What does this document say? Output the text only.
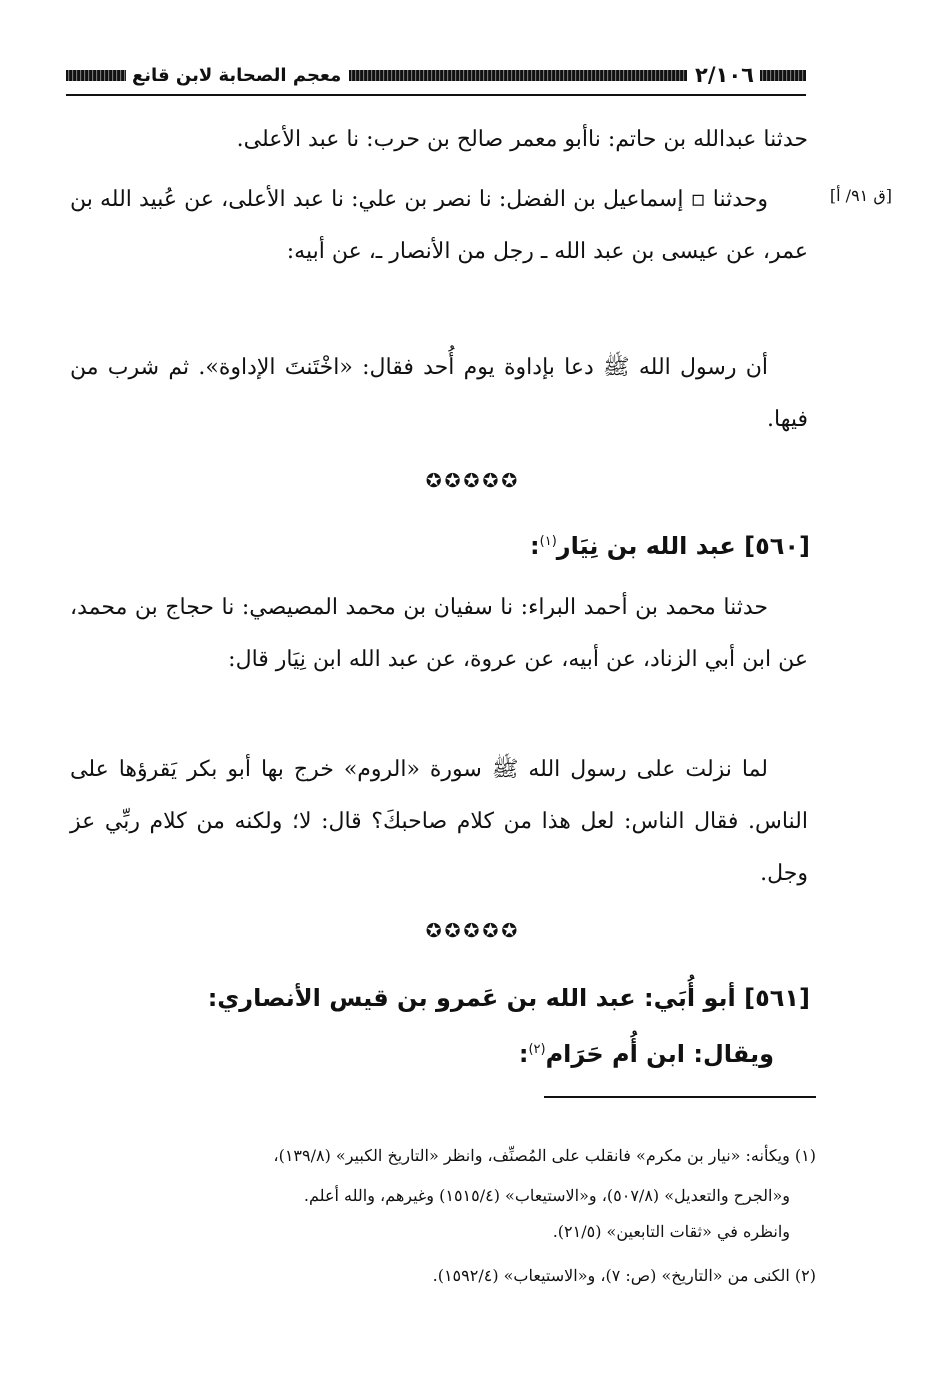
٢/١٠٦
معجم الصحابة لابن قانع
حدثنا عبدالله بن حاتم: ناأبو معمر صالح بن حرب: نا عبد الأعلى.
[ق ٩١/ أ]
وحدثنا ▫ إسماعيل بن الفضل: نا نصر بن علي: نا عبد الأعلى، عن عُبيد الله بن عمر، عن عيسى بن عبد الله ـ رجل من الأنصار ـ، عن أبيه:
أن رسول الله ﷺ دعا بإداوة يوم أُحد فقال: «اخْتَنتَ الإداوة». ثم شرب من فيها.
✪✪✪✪✪
[٥٦٠] عبد الله بن نِيَار$^{(١)}$:
حدثنا محمد بن أحمد البراء: نا سفيان بن محمد المصيصي: نا حجاج بن محمد، عن ابن أبي الزناد، عن أبيه، عن عروة، عن عبد الله ابن نِيَار قال:
لما نزلت على رسول الله ﷺ سورة «الروم» خرج بها أبو بكر يَقرؤها على الناس. فقال الناس: لعل هذا من كلام صاحبكَ؟ قال: لا؛ ولكنه من كلام ربِّي عز وجل.
✪✪✪✪✪
[٥٦١] أبو أُبَي: عبد الله بن عَمرو بن قيس الأنصاري:
ويقال: ابن أُم حَرَام$^{(٢)}$:
(١) ويكأنه: «نيار بن مكرم» فانقلب على المُصنِّف، وانظر «التاريخ الكبير» (١٣٩/٨)،
و«الجرح والتعديل» (٥٠٧/٨)، و«الاستيعاب» (١٥١٥/٤) وغيرهم، والله أعلم.
وانظره في «ثقات التابعين» (٢١/٥).
(٢) الكنى من «التاريخ» (ص: ٧)، و«الاستيعاب» (١٥٩٢/٤).
